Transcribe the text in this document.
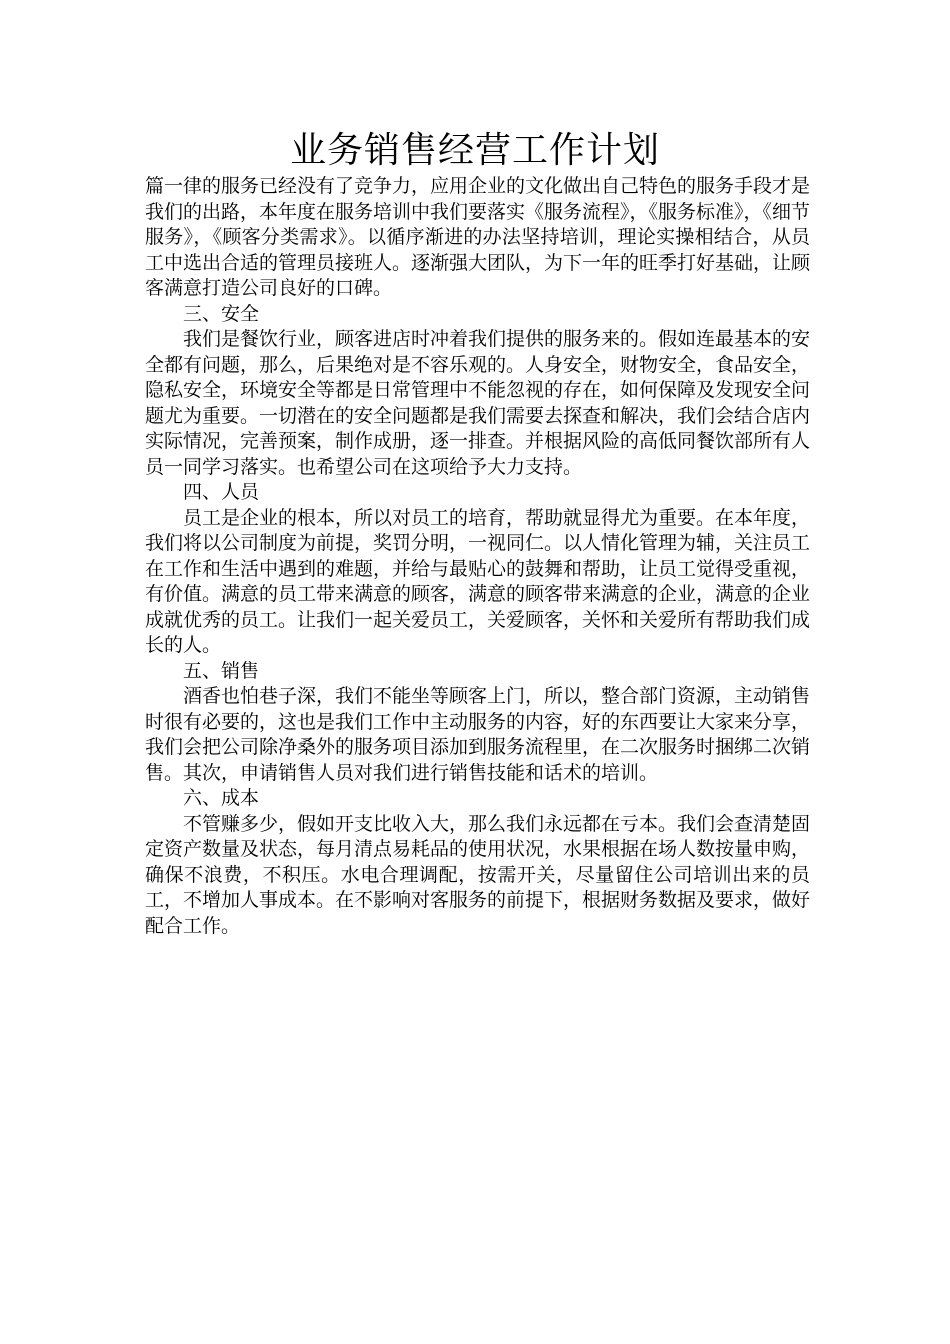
业务销售经营工作计划

篇一律的服务已经没有了竞争力，应用企业的文化做出自己特色的服务手段才是我们的出路，本年度在服务培训中我们要落实《服务流程》，《服务标准》，《细节服务》，《顾客分类需求》。以循序渐进的办法坚持培训，理论实操相结合，从员工中选出合适的管理员接班人。逐渐强大团队，为下一年的旺季打好基础，让顾客满意打造公司良好的口碑。

三、安全

我们是餐饮行业，顾客进店时冲着我们提供的服务来的。假如连最基本的安全都有问题，那么，后果绝对是不容乐观的。人身安全，财物安全，食品安全，隐私安全，环境安全等都是日常管理中不能忽视的存在，如何保障及发现安全问题尤为重要。一切潜在的安全问题都是我们需要去探查和解决，我们会结合店内实际情况，完善预案，制作成册，逐一排查。并根据风险的高低同餐饮部所有人员一同学习落实。也希望公司在这项给予大力支持。

四、人员

员工是企业的根本，所以对员工的培育，帮助就显得尤为重要。在本年度，我们将以公司制度为前提，奖罚分明，一视同仁。以人情化管理为辅，关注员工在工作和生活中遇到的难题，并给与最贴心的鼓舞和帮助，让员工觉得受重视，有价值。满意的员工带来满意的顾客，满意的顾客带来满意的企业，满意的企业成就优秀的员工。让我们一起关爱员工，关爱顾客，关怀和关爱所有帮助我们成长的人。

五、销售

酒香也怕巷子深，我们不能坐等顾客上门，所以，整合部门资源，主动销售时很有必要的，这也是我们工作中主动服务的内容，好的东西要让大家来分享，我们会把公司除净桑外的服务项目添加到服务流程里，在二次服务时捆绑二次销售。其次，申请销售人员对我们进行销售技能和话术的培训。

六、成本

不管赚多少，假如开支比收入大，那么我们永远都在亏本。我们会查清楚固定资产数量及状态，每月清点易耗品的使用状况，水果根据在场人数按量申购，确保不浪费，不积压。水电合理调配，按需开关，尽量留住公司培训出来的员工，不增加人事成本。在不影响对客服务的前提下，根据财务数据及要求，做好配合工作。
